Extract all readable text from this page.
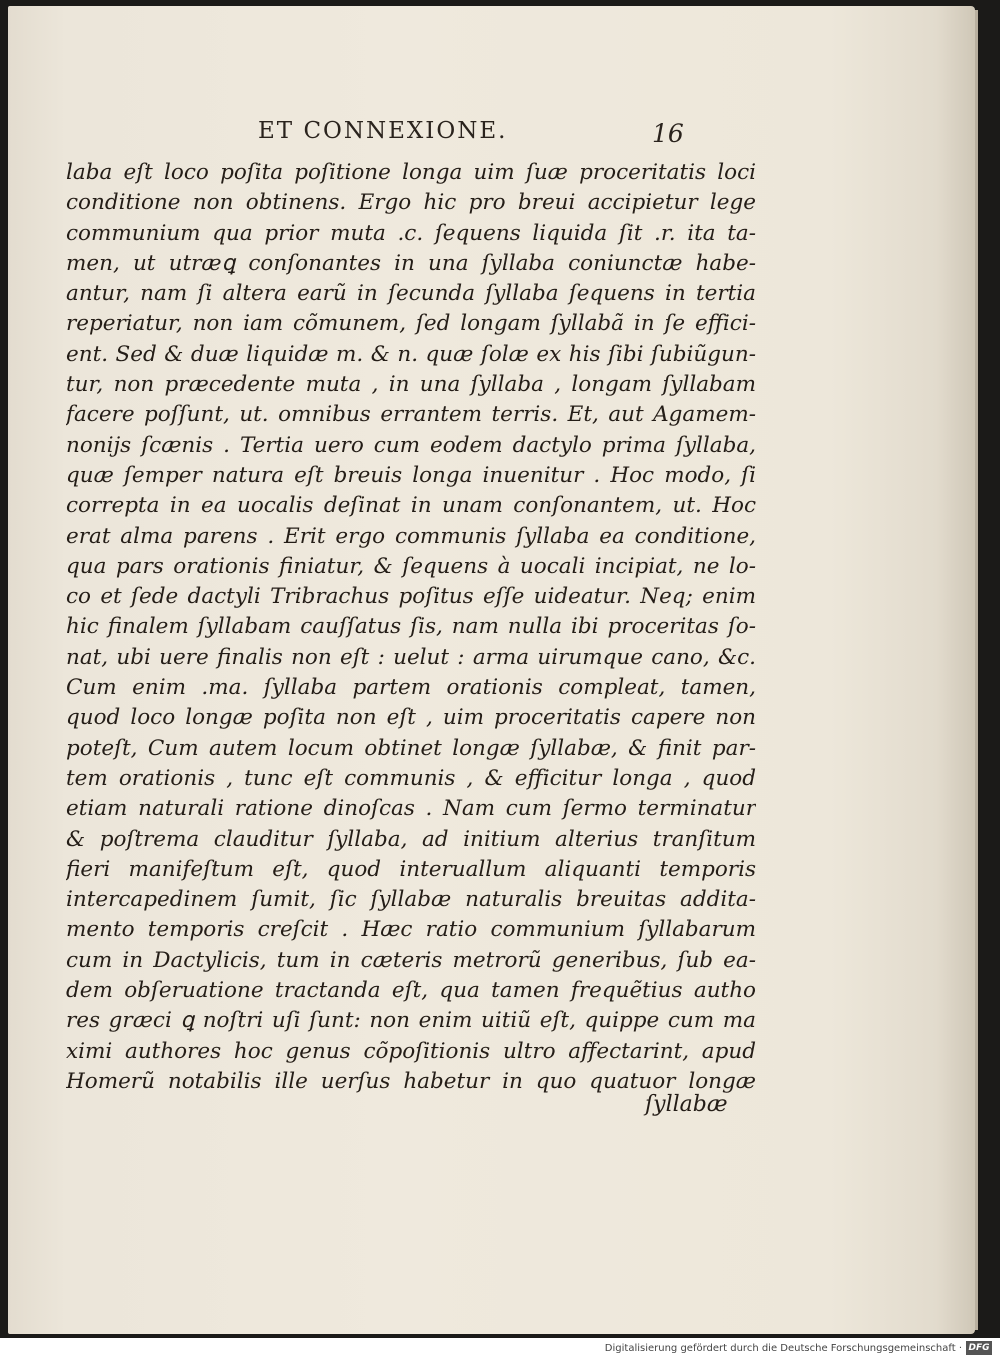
ET CONNEXIONE.	16
laba eſt loco poſita poſitione longa uim ſuæ proceritatis loci
conditione non obtinens. Ergo hic pro breui accipietur lege
communium qua prior muta .c. ſequens liquida ſit .r. ita ta-
men, ut utræꝗ conſonantes in una ſyllaba coniunctæ habe-
antur, nam ſi altera earũ in ſecunda ſyllaba ſequens in tertia
reperiatur, non iam cõmunem, ſed longam ſyllabã in ſe effici-
ent. Sed & duæ liquidæ m. & n. quæ ſolæ ex his ſibi ſubiũgun-
tur, non præcedente muta , in una ſyllaba , longam ſyllabam
facere poſſunt, ut. omnibus errantem terris. Et, aut Agamem-
nonijs ſcænis . Tertia uero cum eodem dactylo prima ſyllaba,
quæ ſemper natura eſt breuis longa inuenitur . Hoc modo, ſi
correpta in ea uocalis deſinat in unam conſonantem, ut. Hoc
erat alma parens . Erit ergo communis ſyllaba ea conditione,
qua pars orationis finiatur, & ſequens à uocali incipiat, ne lo-
co et ſede dactyli Tribrachus poſitus eſſe uideatur. Neq; enim
hic finalem ſyllabam cauſſatus ſis, nam nulla ibi proceritas ſo-
nat, ubi uere finalis non eſt : uelut : arma uirumque cano, &c.
Cum enim .ma. ſyllaba partem orationis compleat, tamen,
quod loco longæ poſita non eſt , uim proceritatis capere non
poteſt, Cum autem locum obtinet longæ ſyllabæ, & finit par-
tem orationis , tunc eſt communis , & efficitur longa , quod
etiam naturali ratione dinoſcas . Nam cum ſermo terminatur
& poſtrema clauditur ſyllaba, ad initium alterius tranſitum
fieri manifeſtum eſt, quod interuallum aliquanti temporis
intercapedinem ſumit, ſic ſyllabæ naturalis breuitas addita-
mento temporis creſcit . Hæc ratio communium ſyllabarum
cum in Dactylicis, tum in cæteris metrorũ generibus, ſub ea-
dem obſeruatione tractanda eſt, qua tamen frequẽtius autho
res græci ꝗ noſtri uſi ſunt: non enim uitiũ eſt, quippe cum ma
ximi authores hoc genus cõpoſitionis ultro affectarint, apud
Homerũ notabilis ille uerſus habetur in quo quatuor longæ
ſyllabæ
Digitalisierung gefördert durch die Deutsche Forschungsgemeinschaft · DFG
